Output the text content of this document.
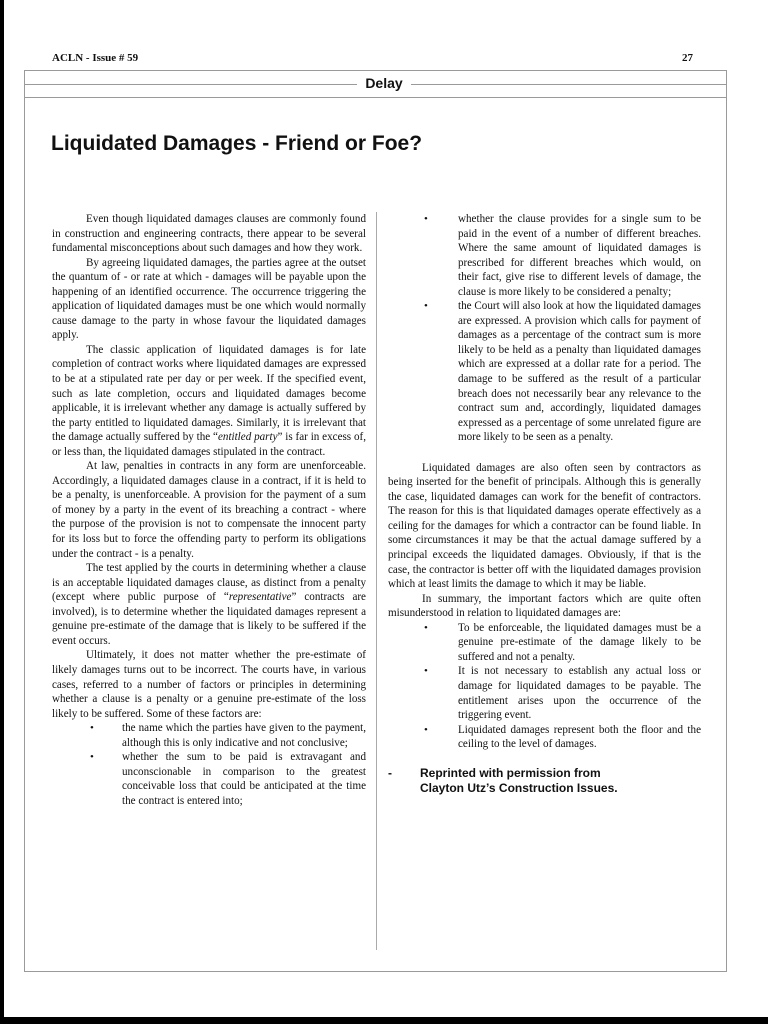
ACLN - Issue # 59	27
Delay
Liquidated Damages - Friend or Foe?

Even though liquidated damages clauses are commonly found in construction and engineering contracts, there appear to be several fundamental misconceptions about such damages and how they work.

By agreeing liquidated damages, the parties agree at the outset the quantum of - or rate at which - damages will be payable upon the happening of an identified occurrence. The occurrence triggering the application of liquidated damages must be one which would normally cause damage to the party in whose favour the liquidated damages apply.

The classic application of liquidated damages is for late completion of contract works where liquidated damages are expressed to be at a stipulated rate per day or per week. If the specified event, such as late completion, occurs and liquidated damages become applicable, it is irrelevant whether any damage is actually suffered by the party entitled to liquidated damages. Similarly, it is irrelevant that the damage actually suffered by the “entitled party” is far in excess of, or less than, the liquidated damages stipulated in the contract.

At law, penalties in contracts in any form are unenforceable. Accordingly, a liquidated damages clause in a contract, if it is held to be a penalty, is unenforceable. A provision for the payment of a sum of money by a party in the event of its breaching a contract - where the purpose of the provision is not to compensate the innocent party for its loss but to force the offending party to perform its obligations under the contract - is a penalty.

The test applied by the courts in determining whether a clause is an acceptable liquidated damages clause, as distinct from a penalty (except where public purpose of “representative” contracts are involved), is to determine whether the liquidated damages represent a genuine pre-estimate of the damage that is likely to be suffered if the event occurs.

Ultimately, it does not matter whether the pre-estimate of likely damages turns out to be incorrect. The courts have, in various cases, referred to a number of factors or principles in determining whether a clause is a penalty or a genuine pre-estimate of the loss likely to be suffered. Some of these factors are:

• the name which the parties have given to the payment, although this is only indicative and not conclusive;
• whether the sum to be paid is extravagant and unconscionable in comparison to the greatest conceivable loss that could be anticipated at the time the contract is entered into;
• whether the clause provides for a single sum to be paid in the event of a number of different breaches. Where the same amount of liquidated damages is prescribed for different breaches which would, on their fact, give rise to different levels of damage, the clause is more likely to be considered a penalty;
• the Court will also look at how the liquidated damages are expressed. A provision which calls for payment of damages as a percentage of the contract sum is more likely to be held as a penalty than liquidated damages which are expressed at a dollar rate for a period. The damage to be suffered as the result of a particular breach does not necessarily bear any relevance to the contract sum and, accordingly, liquidated damages expressed as a percentage of some unrelated figure are more likely to be seen as a penalty.

Liquidated damages are also often seen by contractors as being inserted for the benefit of principals. Although this is generally the case, liquidated damages can work for the benefit of contractors. The reason for this is that liquidated damages operate effectively as a ceiling for the damages for which a contractor can be found liable. In some circumstances it may be that the actual damage suffered by a principal exceeds the liquidated damages. Obviously, if that is the case, the contractor is better off with the liquidated damages provision which at least limits the damage to which it may be liable.

In summary, the important factors which are quite often misunderstood in relation to liquidated damages are:

• To be enforceable, the liquidated damages must be a genuine pre-estimate of the damage likely to be suffered and not a penalty.
• It is not necessary to establish any actual loss or damage for liquidated damages to be payable. The entitlement arises upon the occurrence of the triggering event.
• Liquidated damages represent both the floor and the ceiling to the level of damages.
-	Reprinted with permission from
Clayton Utz’s Construction Issues.
